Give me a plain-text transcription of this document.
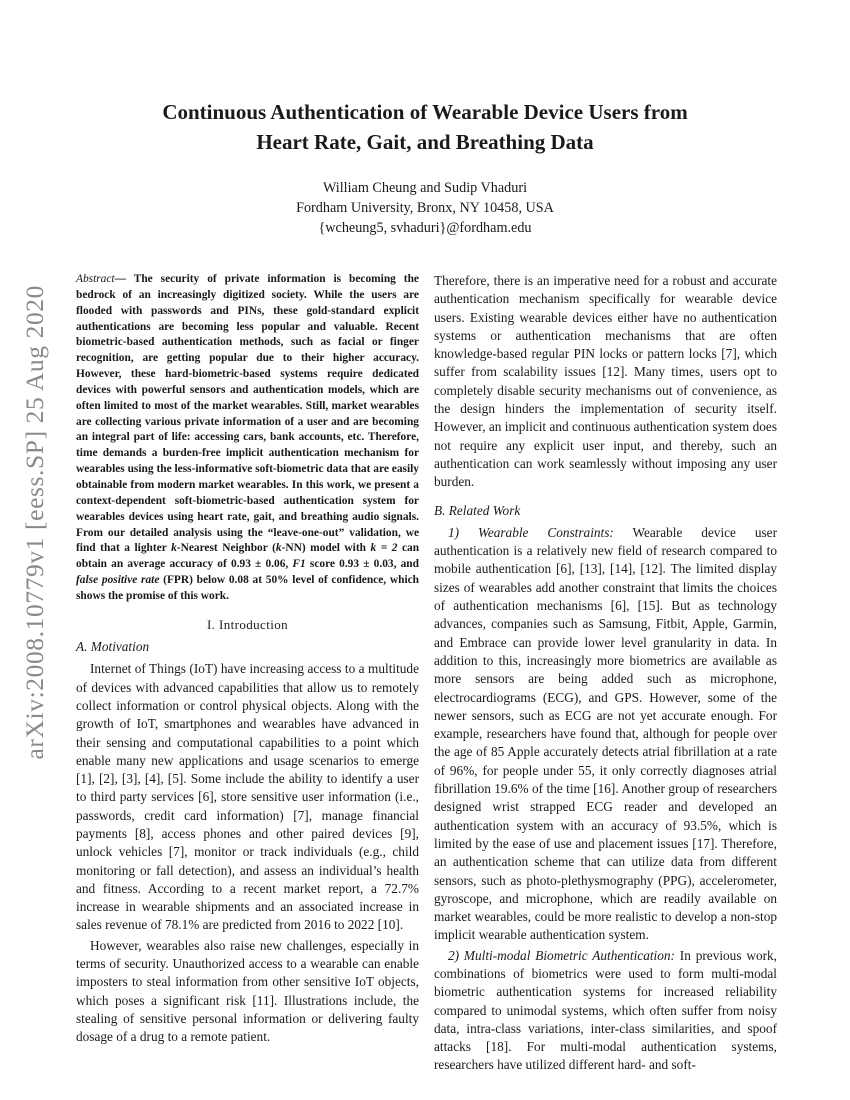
arXiv:2008.10779v1 [eess.SP] 25 Aug 2020
Continuous Authentication of Wearable Device Users from
Heart Rate, Gait, and Breathing Data
William Cheung and Sudip Vhaduri
Fordham University, Bronx, NY 10458, USA
{wcheung5, svhaduri}@fordham.edu
Abstract— The security of private information is becoming the bedrock of an increasingly digitized society. While the users are flooded with passwords and PINs, these gold-standard explicit authentications are becoming less popular and valuable. Recent biometric-based authentication methods, such as facial or finger recognition, are getting popular due to their higher accuracy. However, these hard-biometric-based systems require dedicated devices with powerful sensors and authentication models, which are often limited to most of the market wearables. Still, market wearables are collecting various private information of a user and are becoming an integral part of life: accessing cars, bank accounts, etc. Therefore, time demands a burden-free implicit authentication mechanism for wearables using the less-informative soft-biometric data that are easily obtainable from modern market wearables. In this work, we present a context-dependent soft-biometric-based authentication system for wearables devices using heart rate, gait, and breathing audio signals. From our detailed analysis using the “leave-one-out” validation, we find that a lighter k-Nearest Neighbor (k-NN) model with k = 2 can obtain an average accuracy of 0.93 ± 0.06, F1 score 0.93 ± 0.03, and false positive rate (FPR) below 0.08 at 50% level of confidence, which shows the promise of this work.
I. Introduction
A. Motivation

Internet of Things (IoT) have increasing access to a multitude of devices with advanced capabilities that allow us to remotely collect information or control physical objects. Along with the growth of IoT, smartphones and wearables have advanced in their sensing and computational capabilities to a point which enable many new applications and usage scenarios to emerge [1], [2], [3], [4], [5]. Some include the ability to identify a user to third party services [6], store sensitive user information (i.e., passwords, credit card information) [7], manage financial payments [8], access phones and other paired devices [9], unlock vehicles [7], monitor or track individuals (e.g., child monitoring or fall detection), and assess an individual’s health and fitness. According to a recent market report, a 72.7% increase in wearable shipments and an associated increase in sales revenue of 78.1% are predicted from 2016 to 2022 [10].

However, wearables also raise new challenges, especially in terms of security. Unauthorized access to a wearable can enable imposters to steal information from other sensitive IoT objects, which poses a significant risk [11]. Illustrations include, the stealing of sensitive personal information or delivering faulty dosage of a drug to a remote patient.

Therefore, there is an imperative need for a robust and accurate authentication mechanism specifically for wearable device users. Existing wearable devices either have no authentication systems or authentication mechanisms that are often knowledge-based regular PIN locks or pattern locks [7], which suffer from scalability issues [12]. Many times, users opt to completely disable security mechanisms out of convenience, as the design hinders the implementation of security itself. However, an implicit and continuous authentication system does not require any explicit user input, and thereby, such an authentication can work seamlessly without imposing any user burden.

B. Related Work

1) Wearable Constraints: Wearable device user authentication is a relatively new field of research compared to mobile authentication [6], [13], [14], [12]. The limited display sizes of wearables add another constraint that limits the choices of authentication mechanisms [6], [15]. But as technology advances, companies such as Samsung, Fitbit, Apple, Garmin, and Embrace can provide lower level granularity in data. In addition to this, increasingly more biometrics are available as more sensors are being added such as microphone, electrocardiograms (ECG), and GPS. However, some of the newer sensors, such as ECG are not yet accurate enough. For example, researchers have found that, although for people over the age of 85 Apple accurately detects atrial fibrillation at a rate of 96%, for people under 55, it only correctly diagnoses atrial fibrillation 19.6% of the time [16]. Another group of researchers designed wrist strapped ECG reader and developed an authentication system with an accuracy of 93.5%, which is limited by the ease of use and placement issues [17]. Therefore, an authentication scheme that can utilize data from different sensors, such as photo-plethysmography (PPG), accelerometer, gyroscope, and microphone, which are readily available on market wearables, could be more realistic to develop a non-stop implicit wearable authentication system.

2) Multi-modal Biometric Authentication: In previous work, combinations of biometrics were used to form multi-modal biometric authentication systems for increased reliability compared to unimodal systems, which often suffer from noisy data, intra-class variations, inter-class similarities, and spoof attacks [18]. For multi-modal authentication systems, researchers have utilized different hard- and soft-
